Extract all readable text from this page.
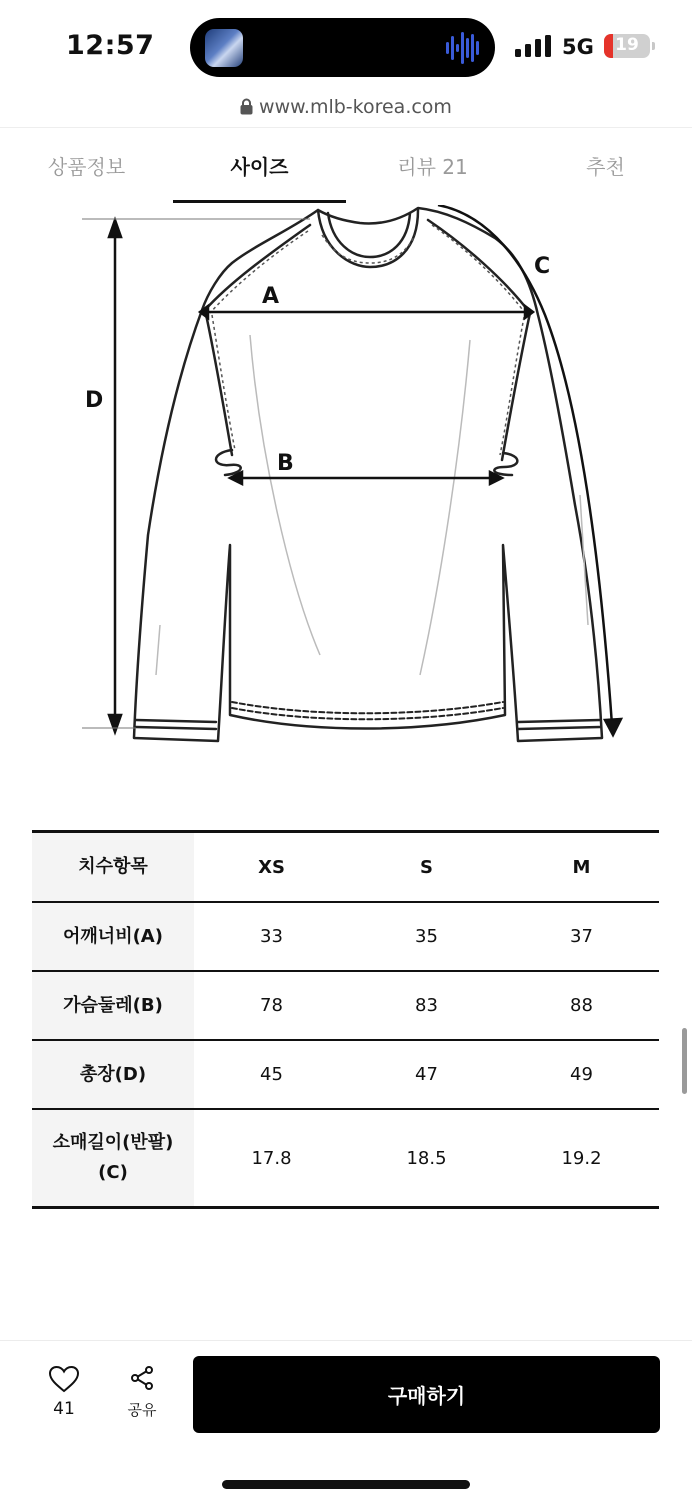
12:57	5G	19
www.mlb-korea.com
상품정보	사이즈	리뷰 21	추천
A
B
C
D
치수항목	XS	S	M
어깨너비(A)	33	35	37
가슴둘레(B)	78	83	88
총장(D)	45	47	49

소매길이(반팔)
(C)	17.8	18.5	19.2
41	공유
구매하기
